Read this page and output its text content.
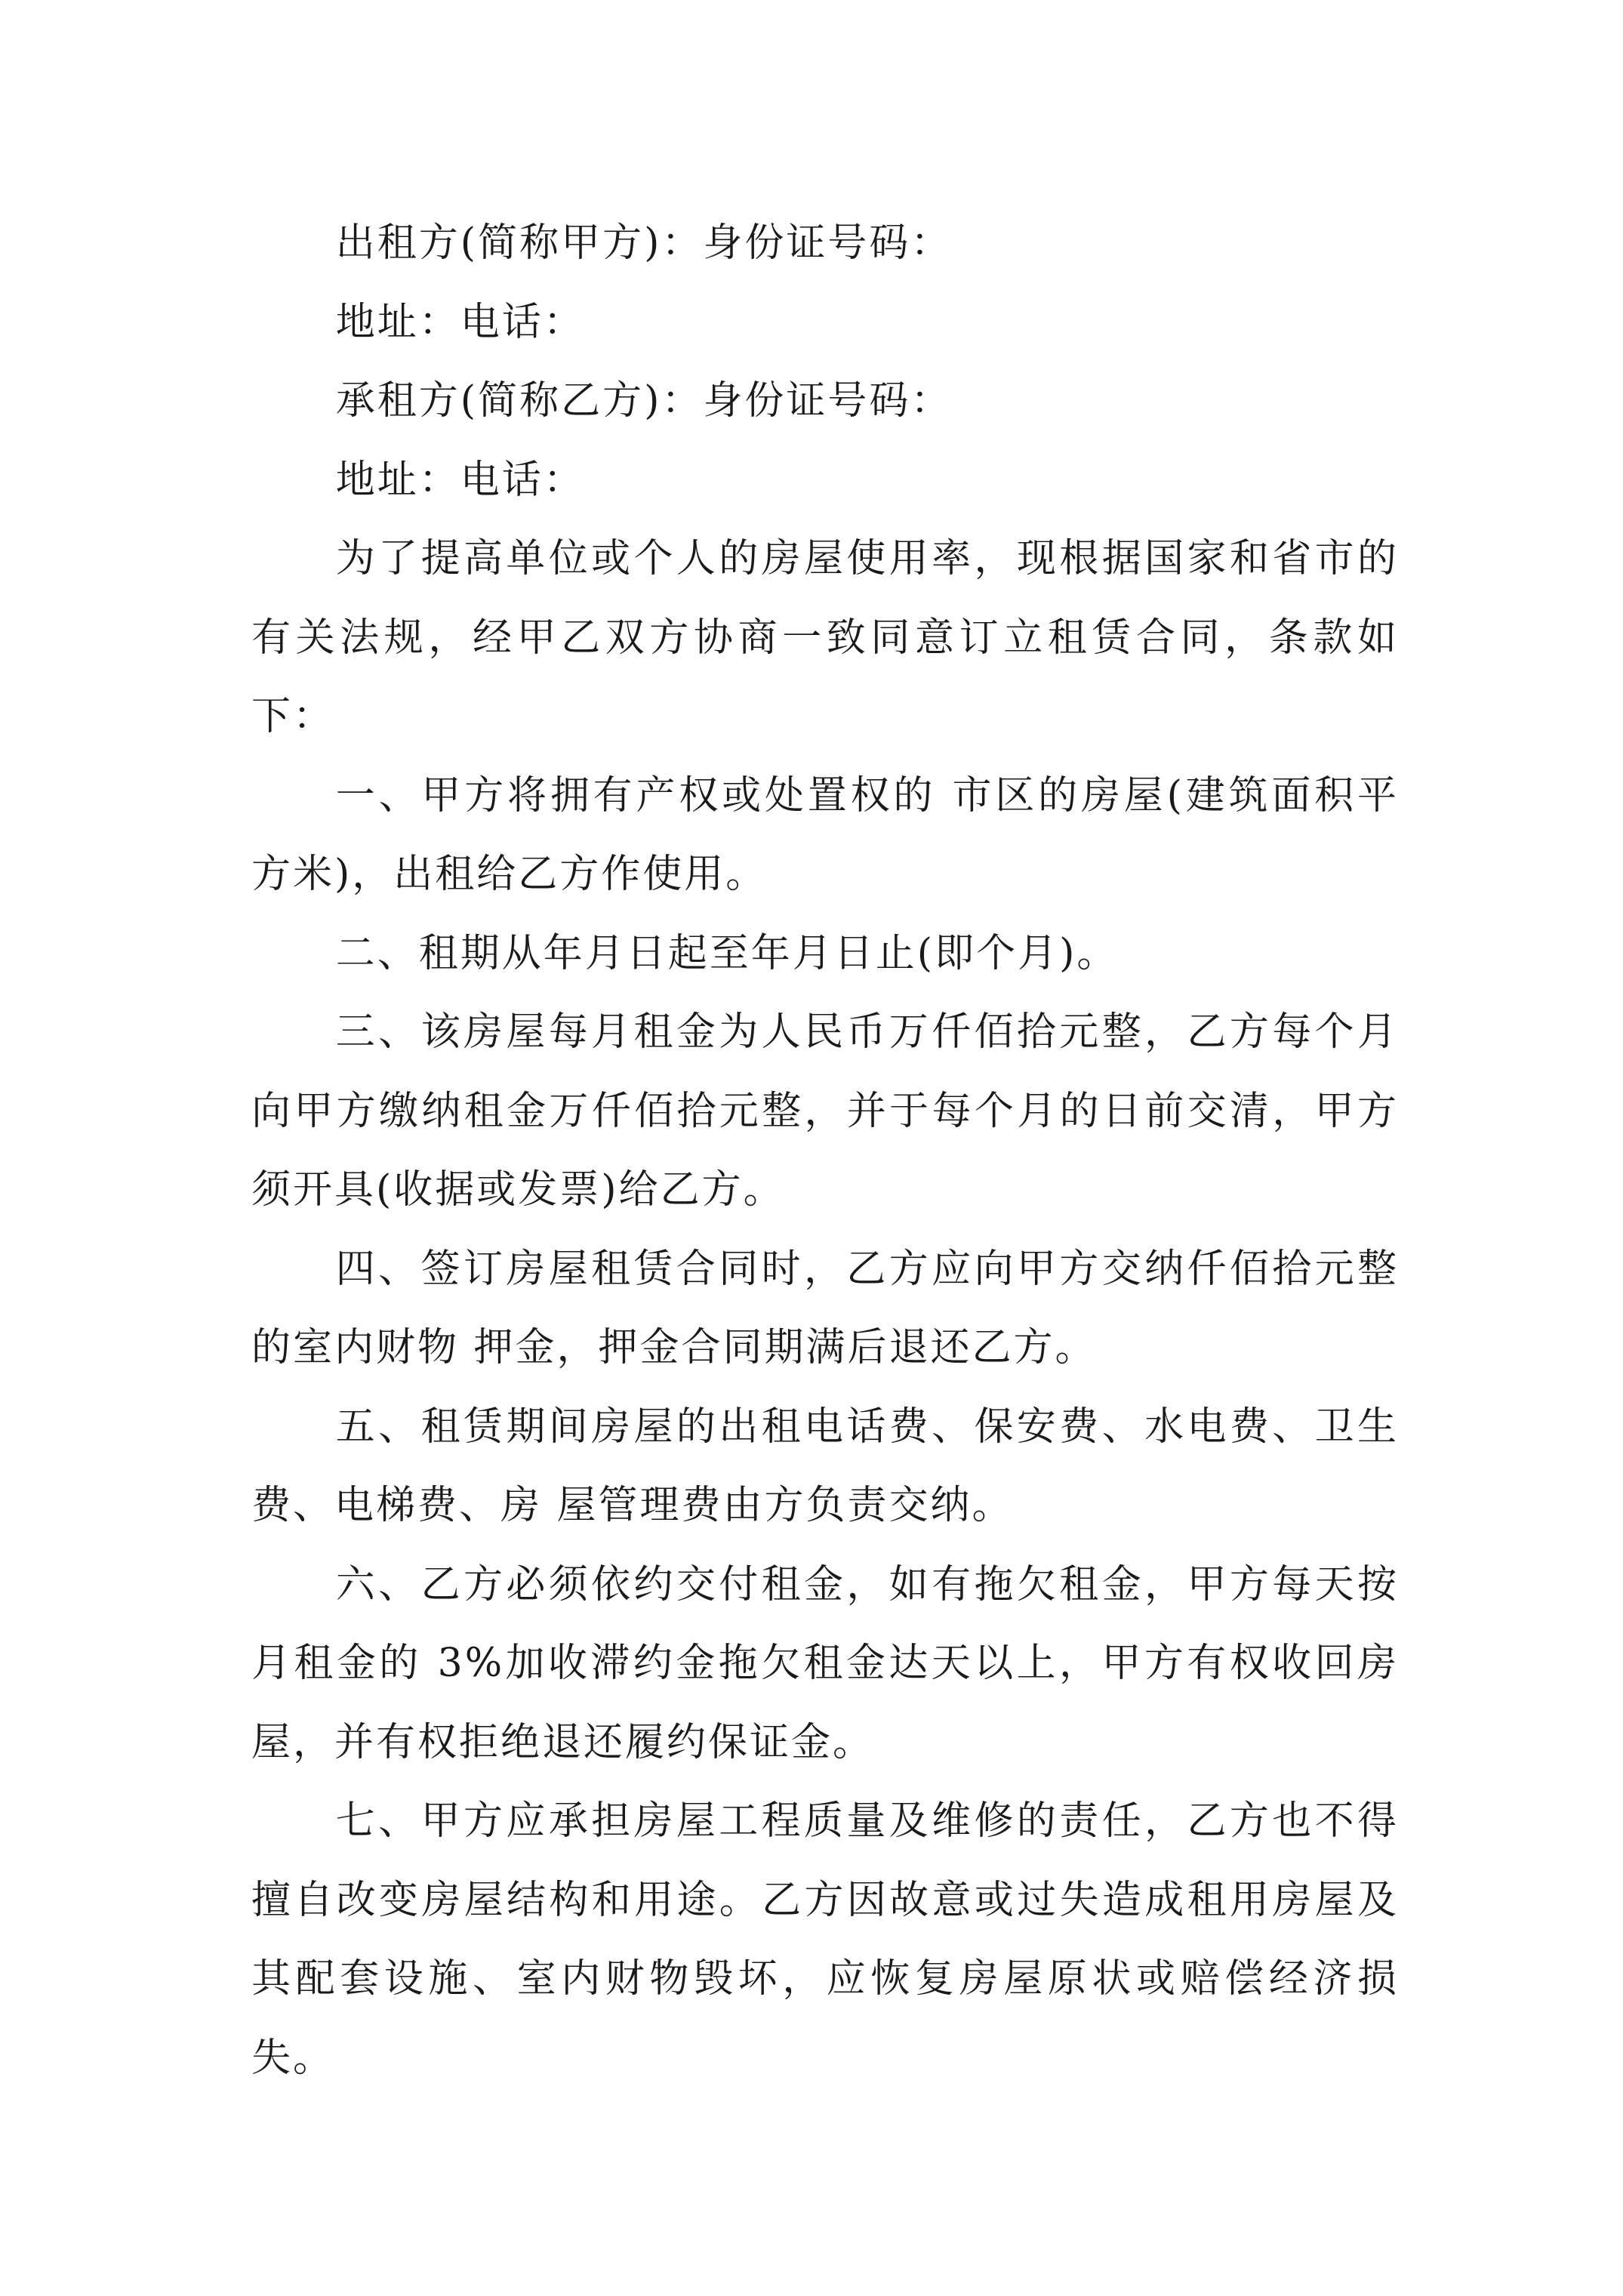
出租方(简称甲方)：身份证号码：

地址：电话：

承租方(简称乙方)：身份证号码：

地址：电话：

为了提高单位或个人的房屋使用率，现根据国家和省市的有关法规，经甲乙双方协商一致同意订立租赁合同，条款如下：

一、甲方将拥有产权或处置权的 市区的房屋(建筑面积平方米)，出租给乙方作使用。

二、租期从年月日起至年月日止(即个月)。

三、该房屋每月租金为人民币万仟佰拾元整，乙方每个月向甲方缴纳租金万仟佰拾元整，并于每个月的日前交清，甲方须开具(收据或发票)给乙方。

四、签订房屋租赁合同时，乙方应向甲方交纳仟佰拾元整的室内财物 押金，押金合同期满后退还乙方。

五、租赁期间房屋的出租电话费、保安费、水电费、卫生费、电梯费、房 屋管理费由方负责交纳。

六、乙方必须依约交付租金，如有拖欠租金，甲方每天按月租金的 3%加收滞约金拖欠租金达天以上，甲方有权收回房屋，并有权拒绝退还履约保证金。

七、甲方应承担房屋工程质量及维修的责任，乙方也不得擅自改变房屋结构和用途。乙方因故意或过失造成租用房屋及其配套设施、室内财物毁坏，应恢复房屋原状或赔偿经济损失。
